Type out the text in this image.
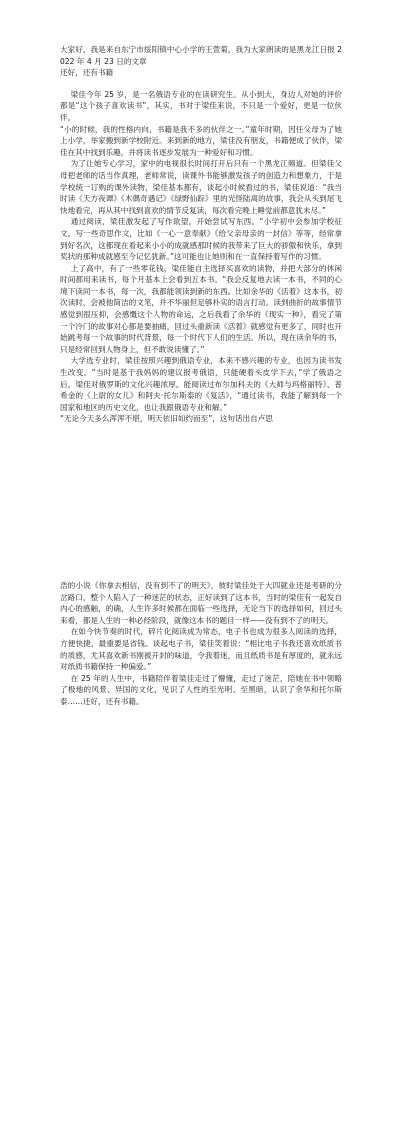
大家好，我是来自东宁市绥阳镇中心小学的王萱菊，我为大家朗读的是黑龙江日报 2022 年 4 月 23 日的文章

还好，还有书籍

梁佳今年 25 岁，是一名俄语专业的在读研究生。从小到大，身边人对她的评价都是“这个孩子喜欢读书”，其实，书对于梁佳来说，不只是一个爱好，更是一位伙伴。

“小的时候，我的性格内向，书籍是我不多的伙伴之一。”童年时期，因任父母为了她上小学，举家搬到新学校附近。来到新的地方，梁佳没有朋友，书籍便成了伙伴，梁佳在其中找到乐趣，并将读书逐步发展为一种爱好和习惯。

为了让她专心学习，家中的电视很长时间打开后只有一个黑龙江频道。但梁佳父母把老师的话当作真理，老师常说，读课外书能够激发孩子的创造力和想象力，于是学校统一订购的课外读物，梁佳基本都有，谈起小时候看过的书，梁佳说道：“我当时读《天方夜谭》《木偶奇遇记》《绿野仙踪》里的光怪陆离的故事，我会从头到尾飞快地看完，再从其中找到喜欢的情节反复读，每次看完晚上睡觉前都意犹未尽。”

通过阅读，梁佳激发起了写作欲望，开始尝试写东西。“小学初中会参加学校征文，写一些奇思作文，比如《一心一意奉献》《给父亲母亲的一封信》等等，经常拿到好名次，这都现在看起来小小的成就感那时候的我带来了巨大的骄傲和快乐，拿到奖状的那种成就感至今记忆犹新。”这可能也让她则和在一直保持着写作的习惯。

上了高中，有了一些零花钱，梁佳能自主选择买喜欢的读物，并把大部分的休闲时间都用来读书，每个月基本上会看到五本书。“我会反复地去读一本书，不同的心境下读同一本书，每一次，我都能领读到新的东西。比如余华的《活着》这本书，初次读时，会被他简洁的文笔，并不华丽但足够朴实的语言打动。读到曲折的故事情节感觉到很压抑，会感慨这个人物的命运，之后我看了余华的《现实一种》，看完了第一个冷门的故事对心都是要抽痛，回过头重新读《活着》就感觉有更多了，同时也开始跳考每一个故事的时代背景，每一个时代下人们的生活。所以，现在读余华的书，只是经常回到人物身上，但不敢说读懂了。”

大学选专业时，梁佳按照兴趣到俄语专业，本来不感兴趣的专业，也因为读书发生改变。“当时是基于我妈妈的建议报考俄语，只能硬着头皮学下去，”学了俄语之后，梁佳对俄罗斯的文化兴趣浓厚。能阅读过布尔加科夫的《大师与玛格丽特》、普希金的《上尉的女儿》和阿夫·托尔斯泰的《复活》，“通过读书，我能了解到每一个国家和地区的历史文化，也让我跟俄语专业和解。”

“无论今天多么浑浑不堪，明天依旧如约而至”，这句话出自卢思

浩的小说《你拿去相信，没有到不了的明天》，彼时梁佳处于大四就业还是考研的分岔路口，整个人陷入了一种迷茫的状态，正好读到了这本书，当时的梁佳有一起发自内心的感触，的确，人生许多时候都在面临一些选择，无论当下的选择如何，回过头来看，都是人生的一种必经阶段，就像这本书的题目一样——没有到不了的明天。

在如今快节奏的时代，碎片化阅读成为常态，电子书也成为很多人阅读的选择，方便快捷，最重要是省钱。谈起电子书，梁佳笑着说：“相比电子书我还喜欢纸质书的质感，尤其喜欢新书刚被开封的味道，令我着迷，而且纸质书是有厚度的，就永远对纸质书籍保持一种偏爱。”

在 25 年的人生中，书籍陪伴着梁佳走过了懵懂，走过了迷茫，陪她在书中领略了极地的风景、异国的文化，见识了人性的至光明、至黑暗，认识了余华和托尔斯泰……还好，还有书籍。
